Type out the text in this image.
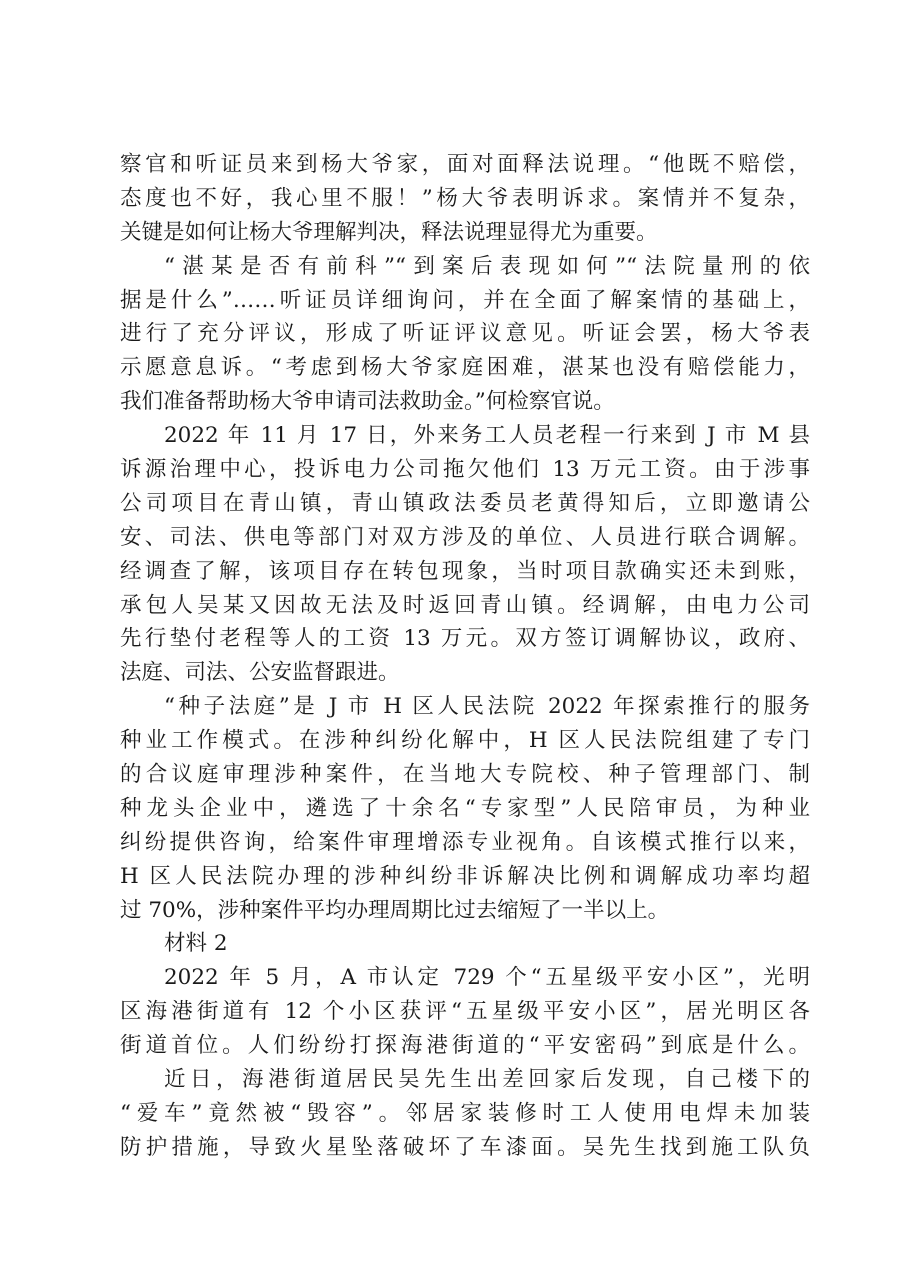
察官和听证员来到杨大爷家，面对面释法说理。“他既不赔偿，
态度也不好，我心里不服！”杨大爷表明诉求。案情并不复杂，
关键是如何让杨大爷理解判决，释法说理显得尤为重要。
“湛某是否有前科”“到案后表现如何”“法院量刑的依
据是什么”……听证员详细询问，并在全面了解案情的基础上，
进行了充分评议，形成了听证评议意见。听证会罢，杨大爷表
示愿意息诉。“考虑到杨大爷家庭困难，湛某也没有赔偿能力，
我们准备帮助杨大爷申请司法救助金。”何检察官说。
2022 年 11 月 17 日，外来务工人员老程一行来到 J 市 M 县
诉源治理中心，投诉电力公司拖欠他们 13 万元工资。由于涉事
公司项目在青山镇，青山镇政法委员老黄得知后，立即邀请公
安、司法、供电等部门对双方涉及的单位、人员进行联合调解。
经调查了解，该项目存在转包现象，当时项目款确实还未到账，
承包人吴某又因故无法及时返回青山镇。经调解，由电力公司
先行垫付老程等人的工资 13 万元。双方签订调解协议，政府、
法庭、司法、公安监督跟进。
“种子法庭”是 J 市 H 区人民法院 2022 年探索推行的服务
种业工作模式。在涉种纠纷化解中，H 区人民法院组建了专门
的合议庭审理涉种案件，在当地大专院校、种子管理部门、制
种龙头企业中，遴选了十余名“专家型”人民陪审员，为种业
纠纷提供咨询，给案件审理增添专业视角。自该模式推行以来，
H 区人民法院办理的涉种纠纷非诉解决比例和调解成功率均超
过 70%，涉种案件平均办理周期比过去缩短了一半以上。
材料 2
2022 年 5 月，A 市认定 729 个“五星级平安小区”，光明
区海港街道有 12 个小区获评“五星级平安小区”，居光明区各
街道首位。人们纷纷打探海港街道的“平安密码”到底是什么。
近日，海港街道居民吴先生出差回家后发现，自己楼下的
“爱车”竟然被“毁容”。邻居家装修时工人使用电焊未加装
防护措施，导致火星坠落破坏了车漆面。吴先生找到施工队负
